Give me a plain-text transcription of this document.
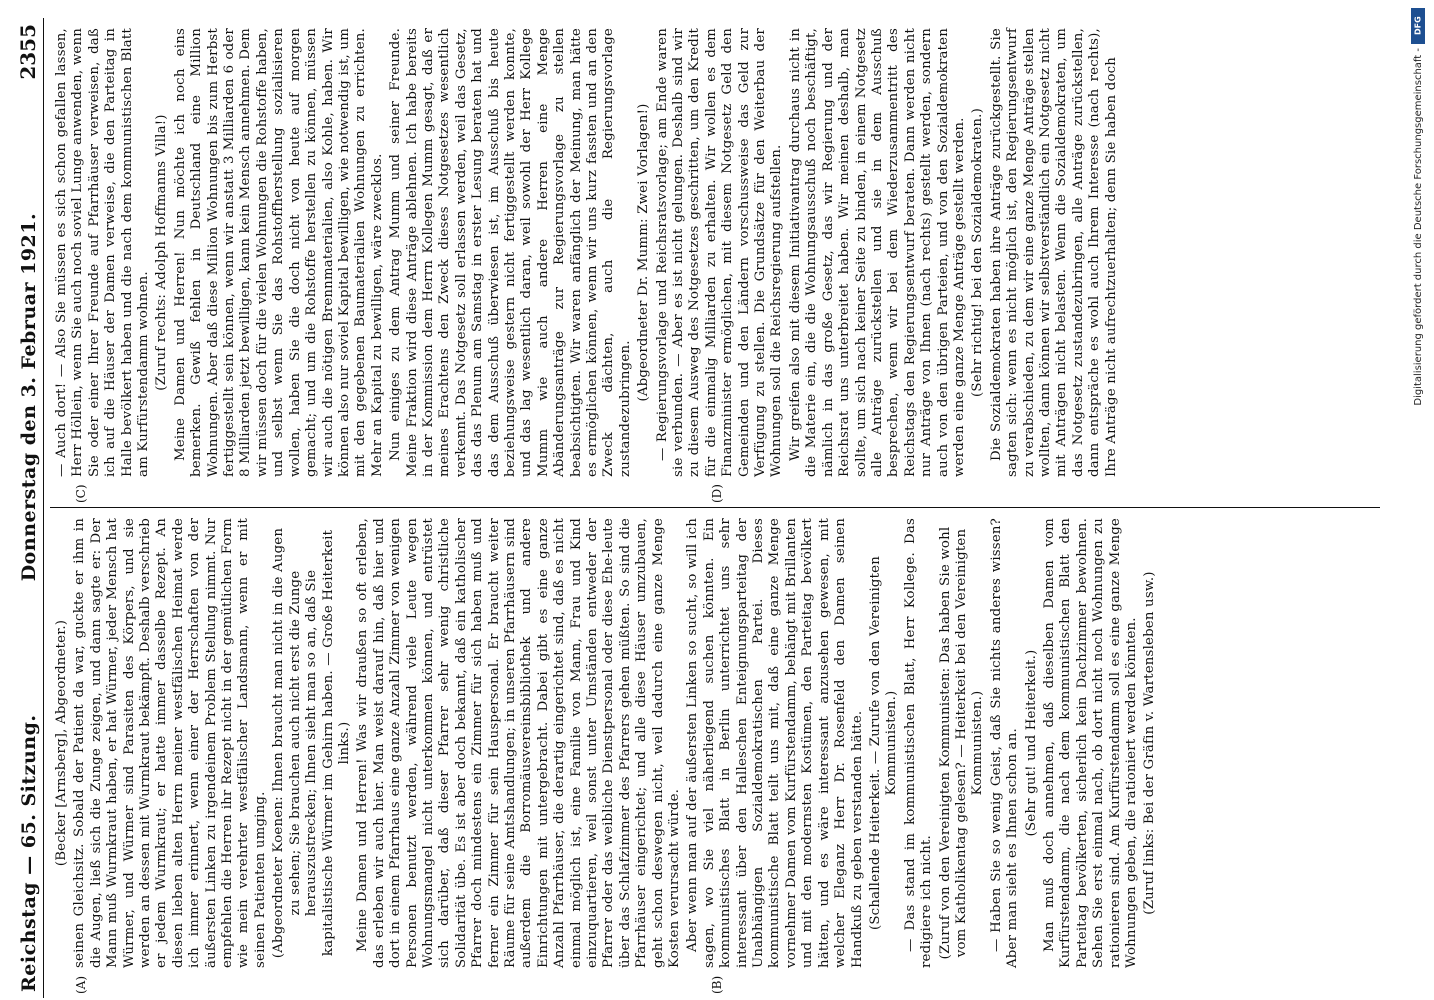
Reichstag — 65. Sitzung.
Donnerstag den 3. Februar 1921.
2355
(A)	(B)

(Becker [Arnsberg], Abgeordneter.) seinen Gleichsitz. Sobald der Patient da war, guckte er ihm in die Augen, ließ sich die Zunge zeigen, und dann sagte er: Der Mann muß Wurmkraut haben, er hat Würmer, jeder Mensch hat Würmer, und Würmer sind Parasiten des Körpers, und sie werden an dessen mit Wurmkraut bekämpft. Deshalb verschrieb er jedem Wurmkraut; er hatte immer dasselbe Rezept. An diesen lieben alten Herrn meiner westfälischen Heimat werde ich immer erinnert, wenn einer der Herrschaften von der äußersten Linken zu irgendeinem Problem Stellung nimmt. Nur empfehlen die Herren ihr Rezept nicht in der gemütlichen Form wie mein verehrter westfälischer Landsmann, wenn er mit seinen Patienten umging. (Abgeordneter Koenen: Ihnen braucht man nicht in die Augen zu sehen; Sie brauchen auch nicht erst die Zunge herauszustrecken; Ihnen sieht man so an, daß Sie kapitalistische Würmer im Gehirn haben. — Große Heiterkeit links.) Meine Damen und Herren! Was wir draußen so oft erleben, das erleben wir auch hier. Man weist darauf hin, daß hier und dort in einem Pfarrhaus eine ganze Anzahl Zimmer von wenigen Personen benutzt werden, während viele Leute wegen Wohnungsmangel nicht unterkommen können, und entrüstet sich darüber, daß dieser Pfarrer sehr wenig christliche Solidarität übe. Es ist aber doch bekannt, daß ein katholischer Pfarrer doch mindestens ein Zimmer für sich haben muß und ferner ein Zimmer für sein Hauspersonal. Er braucht weiter Räume für seine Amtshandlungen; in unseren Pfarrhäusern sind außerdem die Borromäusvereinsbibliothek und andere Einrichtungen mit untergebracht. Dabei gibt es eine ganze Anzahl Pfarrhäuser, die derartig eingerichtet sind, daß es nicht einmal möglich ist, eine Familie von Mann, Frau und Kind einzuquartieren, weil sonst unter Umständen entweder der Pfarrer oder das weibliche Dienstpersonal oder diese Ehe-leute über das Schlafzimmer des Pfarrers gehen müßten. So sind die Pfarrhäuser eingerichtet; und alle diese Häuser umzubauen, geht schon deswegen nicht, weil dadurch eine ganze Menge Kosten verursacht würde. Aber wenn man auf der äußersten Linken so sucht, so will ich sagen, wo Sie viel näherliegend suchen könnten. Ein kommunistisches Blatt in Berlin unterrichtet uns sehr interessant über den Halleschen Enteignungsparteitag der Unabhängigen Sozialdemokratischen Partei. Dieses kommunistische Blatt teilt uns mit, daß eine ganze Menge vornehmer Damen vom Kurfürstendamm, behängt mit Brillanten und mit den modernsten Kostümen, den Parteitag bevölkert hätten, und es wäre interessant anzusehen gewesen, mit welcher Eleganz Herr Dr. Rosenfeld den Damen seinen Handkuß zu geben verstanden hätte. (Schallende Heiterkeit. — Zurufe von den Vereinigten Kommunisten.) — Das stand im kommunistischen Blatt, Herr Kollege. Das redigiere ich nicht. (Zuruf von den Vereinigten Kommunisten: Das haben Sie wohl vom Katholikentag gelesen? — Heiterkeit bei den Vereinigten Kommunisten.) — Haben Sie so wenig Geist, daß Sie nichts anderes wissen? Aber man sieht es Ihnen schon an. (Sehr gut! und Heiterkeit.) Man muß doch annehmen, daß dieselben Damen vom Kurfürstendamm, die nach dem kommunistischen Blatt den Parteitag bevölkerten, sicherlich kein Dachzimmer bewohnen. Sehen Sie erst einmal nach, ob dort nicht noch Wohnungen zu rationieren sind. Am Kurfürstendamm soll es eine ganze Menge Wohnungen geben, die rationiert werden könnten. (Zuruf links: Bei der Gräfin v. Wartensleben usw.)

(C)	(D)

— Auch dort! — Also Sie müssen es sich schon gefallen lassen, Herr Höllein, wenn Sie auch noch soviel Lunge anwenden, wenn Sie oder einer Ihrer Freunde auf Pfarrhäuser verweisen, daß ich auf die Häuser der Damen verweise, die den Parteitag in Halle bevölkert haben und die nach dem kommunistischen Blatt am Kurfürstendamm wohnen. (Zuruf rechts: Adolph Hoffmanns Villa!) Meine Damen und Herren! Nun möchte ich noch eins bemerken. Gewiß fehlen in Deutschland eine Million Wohnungen. Aber daß diese Million Wohnungen bis zum Herbst fertiggestellt sein können, wenn wir anstatt 3 Milliarden 6 oder 8 Milliarden jetzt bewilligen, kann kein Mensch annehmen. Dem wir müssen doch für die vielen Wohnungen die Rohstoffe haben, und selbst wenn Sie das Rohstoffherstellung sozialisieren wollen, haben Sie die doch nicht von heute auf morgen gemacht; und um die Rohstoffe herstellen zu können, müssen wir auch die nötigen Brennmaterialien, also Kohle, haben. Wir können also nur soviel Kapital bewilligen, wie notwendig ist, um mit den gegebenen Baumaterialien Wohnungen zu errichten. Mehr an Kapital zu bewilligen, wäre zwecklos. Nun einiges zu dem Antrag Mumm und seiner Freunde. Meine Fraktion wird diese Anträge ablehnen. Ich habe bereits in der Kommission dem Herrn Kollegen Mumm gesagt, daß er meines Erachtens den Zweck dieses Notgesetzes wesentlich verkennt. Das Notgesetz soll erlassen werden, weil das Gesetz, das das Plenum am Samstag in erster Lesung beraten hat und das dem Ausschuß überwiesen ist, im Ausschuß bis heute beziehungsweise gestern nicht fertiggestellt werden konnte, und das lag wesentlich daran, weil sowohl der Herr Kollege Mumm wie auch andere Herren eine Menge Abänderungsanträge zur Regierungsvorlage zu stellen beabsichtigten. Wir waren anfänglich der Meinung, man hätte es ermöglichen können, wenn wir uns kurz fassten und an den Zweck dächten, auch die Regierungsvorlage zustandezubringen.

(Abgeordneter Dr. Mumm: Zwei Vorlagen!) — Regierungsvorlage und Reichsratsvorlage; am Ende waren sie verbunden. — Aber es ist nicht gelungen. Deshalb sind wir zu diesem Ausweg des Notgesetzes geschritten, um den Kredit für die einmalig Milliarden zu erhalten. Wir wollen es dem Finanzminister ermöglichen, mit diesem Notgesetz Geld den Gemeinden und den Ländern vorschussweise das Geld zur Verfügung zu stellen. Die Grundsätze für den Weiterbau der Wohnungen soll die Reichsregierung aufstellen. Wir greifen also mit diesem Initiativantrag durchaus nicht in die Materie ein, die die Wohnungsausschuß noch beschäftigt, nämlich in das große Gesetz, das wir Regierung und der Reichsrat uns unterbreitet haben. Wir meinen deshalb, man sollte, um sich nach keiner Seite zu binden, in einem Notgesetz alle Anträge zurückstellen und sie in dem Ausschuß besprechen, wenn wir bei dem Wiederzusammentritt des Reichstags den Regierungsentwurf beraten. Dann werden nicht nur Anträge von Ihnen (nach rechts) gestellt werden, sondern auch von den übrigen Parteien, und von den Sozialdemokraten werden eine ganze Menge Anträge gestellt werden. (Sehr richtig! bei den Sozialdemokraten.) Die Sozialdemokraten haben ihre Anträge zurückgestellt. Sie sagten sich: wenn es nicht möglich ist, den Regierungsentwurf zu verabschieden, zu dem wir eine ganze Menge Anträge stellen wollten, dann können wir selbstverständlich ein Notgesetz nicht mit Anträgen nicht belasten. Wenn die Sozialdemokraten, um das Notgesetz zustandezubringen, alle Anträge zurückstellen, dann entspräche es wohl auch Ihrem Interesse (nach rechts), Ihre Anträge nicht aufrechtzuerhalten; denn Sie haben doch

DFG
Digitalisierung gefördert durch die Deutsche Forschungsgemeinschaft -
